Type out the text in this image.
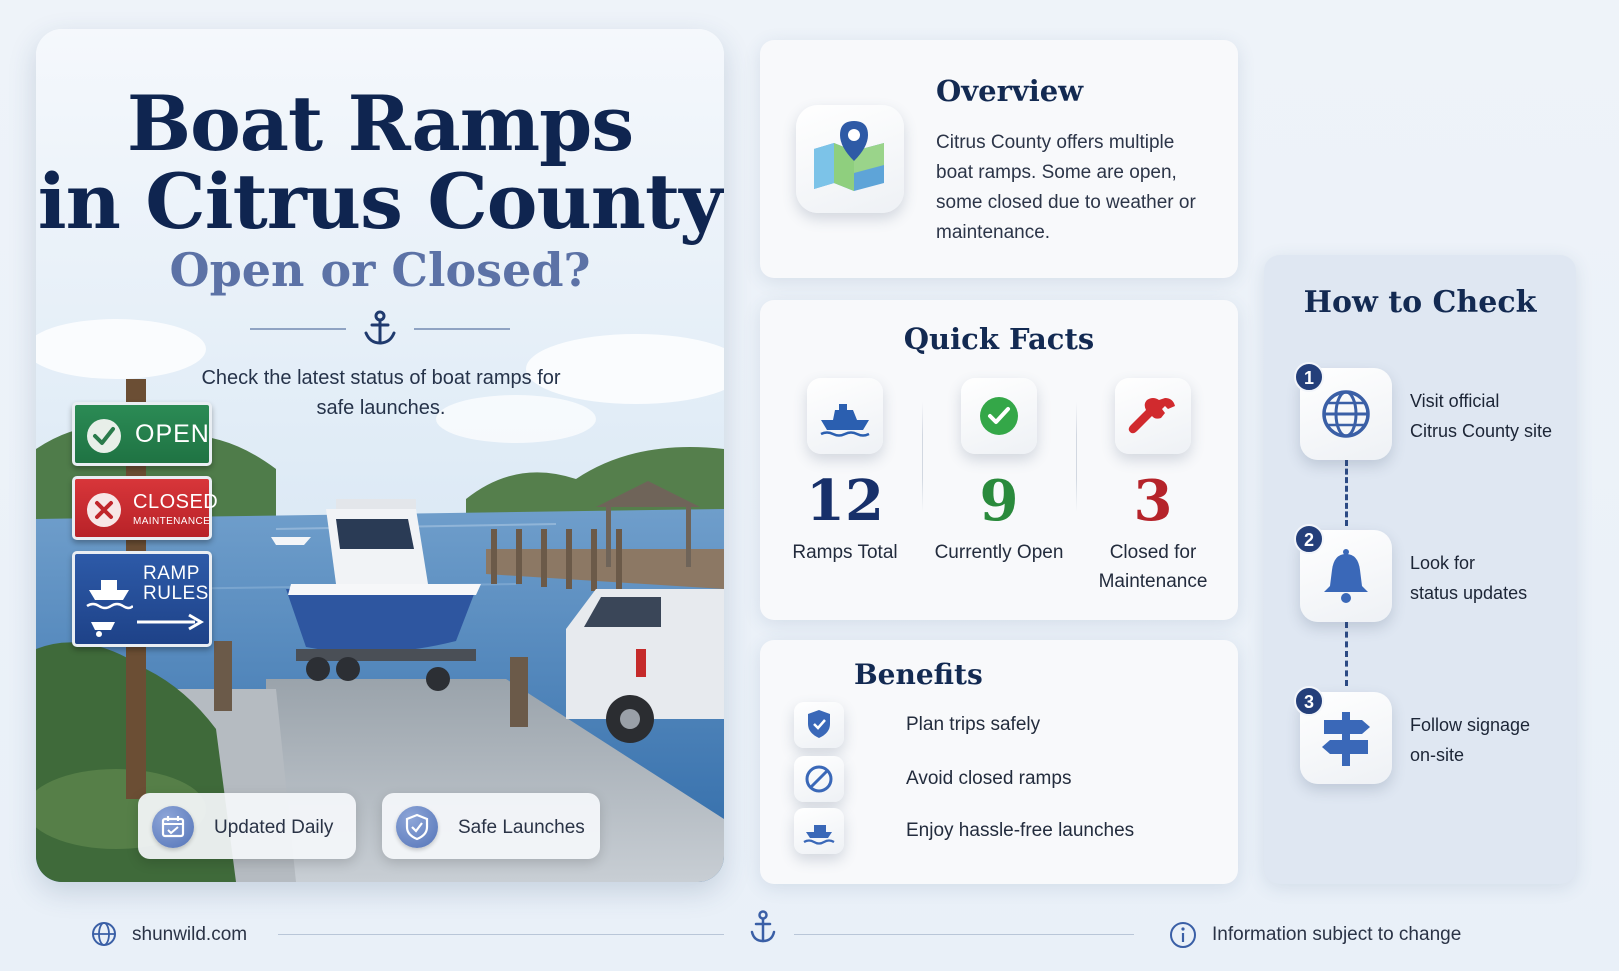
Boat Ramps
in Citrus County
Open or Closed?
Check the latest status of boat ramps for safe launches.
OPEN
CLOSED
MAINTENANCE
RAMP
RULES
Updated Daily	Safe Launches
Overview

Citrus County offers multiple boat ramps. Some are open, some closed due to weather or maintenance.

Quick Facts
12
Ramps Total
9
Currently Open
3
Closed for Maintenance
Benefits
Plan trips safely
Avoid closed ramps
Enjoy hassle-free launches
How to Check
1
Visit official
Citrus County site
2
Look for
status updates
3
Follow signage
on-site
shunwild.com	Information subject to change
